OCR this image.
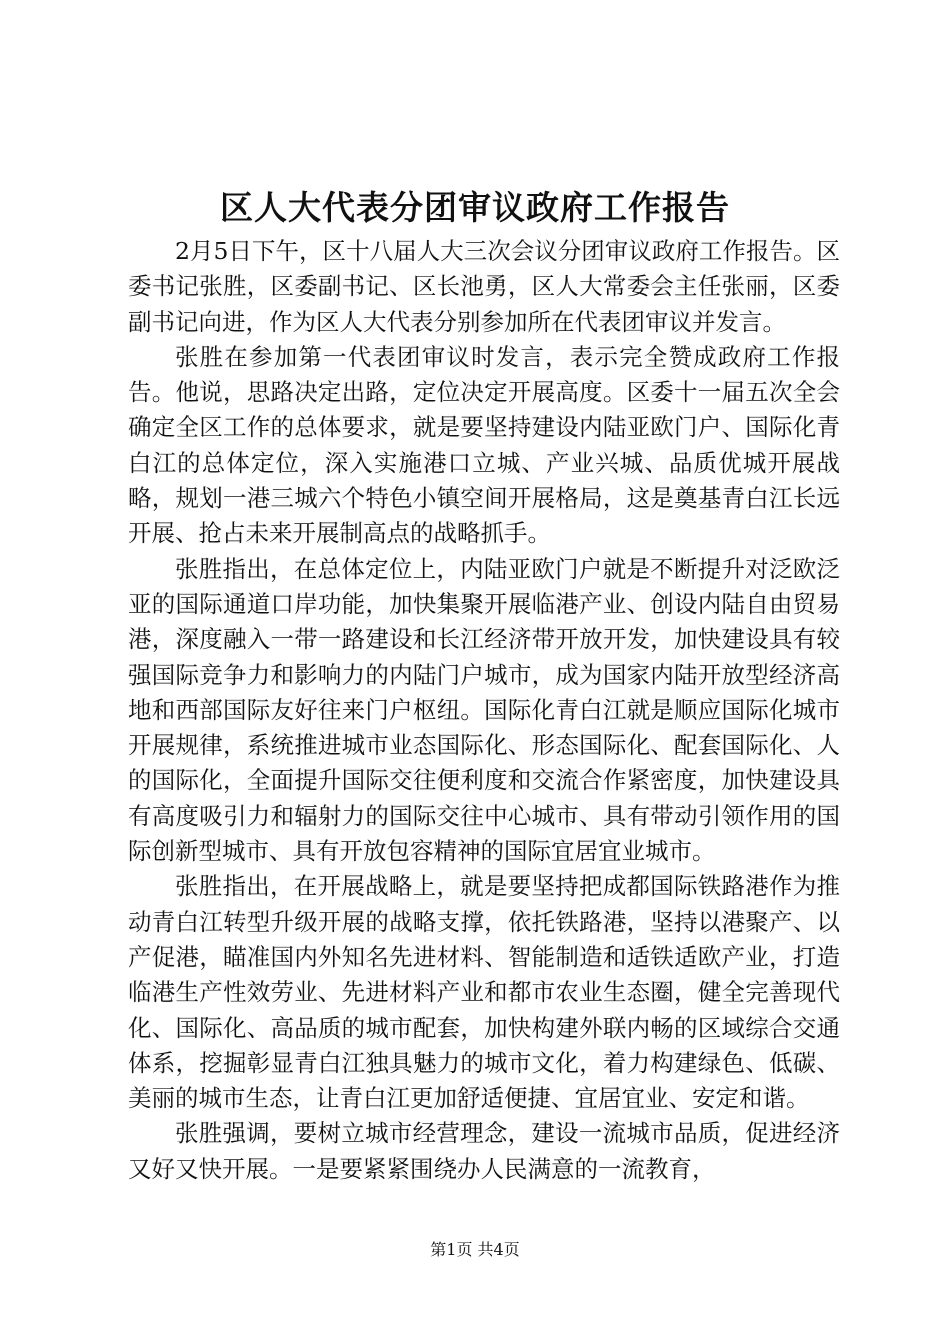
区人大代表分团审议政府工作报告

2月5日下午，区十八届人大三次会议分团审议政府工作报告。区委书记张胜，区委副书记、区长池勇，区人大常委会主任张丽，区委副书记向进，作为区人大代表分别参加所在代表团审议并发言。

张胜在参加第一代表团审议时发言，表示完全赞成政府工作报告。他说，思路决定出路，定位决定开展高度。区委十一届五次全会确定全区工作的总体要求，就是要坚持建设内陆亚欧门户、国际化青白江的总体定位，深入实施港口立城、产业兴城、品质优城开展战略，规划一港三城六个特色小镇空间开展格局，这是奠基青白江长远开展、抢占未来开展制高点的战略抓手。

张胜指出，在总体定位上，内陆亚欧门户就是不断提升对泛欧泛亚的国际通道口岸功能，加快集聚开展临港产业、创设内陆自由贸易港，深度融入一带一路建设和长江经济带开放开发，加快建设具有较强国际竞争力和影响力的内陆门户城市，成为国家内陆开放型经济高地和西部国际友好往来门户枢纽。国际化青白江就是顺应国际化城市开展规律，系统推进城市业态国际化、形态国际化、配套国际化、人的国际化，全面提升国际交往便利度和交流合作紧密度，加快建设具有高度吸引力和辐射力的国际交往中心城市、具有带动引领作用的国际创新型城市、具有开放包容精神的国际宜居宜业城市。

张胜指出，在开展战略上，就是要坚持把成都国际铁路港作为推动青白江转型升级开展的战略支撑，依托铁路港，坚持以港聚产、以产促港，瞄准国内外知名先进材料、智能制造和适铁适欧产业，打造临港生产性效劳业、先进材料产业和都市农业生态圈，健全完善现代化、国际化、高品质的城市配套，加快构建外联内畅的区域综合交通体系，挖掘彰显青白江独具魅力的城市文化，着力构建绿色、低碳、美丽的城市生态，让青白江更加舒适便捷、宜居宜业、安定和谐。

张胜强调，要树立城市经营理念，建设一流城市品质，促进经济又好又快开展。一是要紧紧围绕办人民满意的一流教育，

第1页 共4页
